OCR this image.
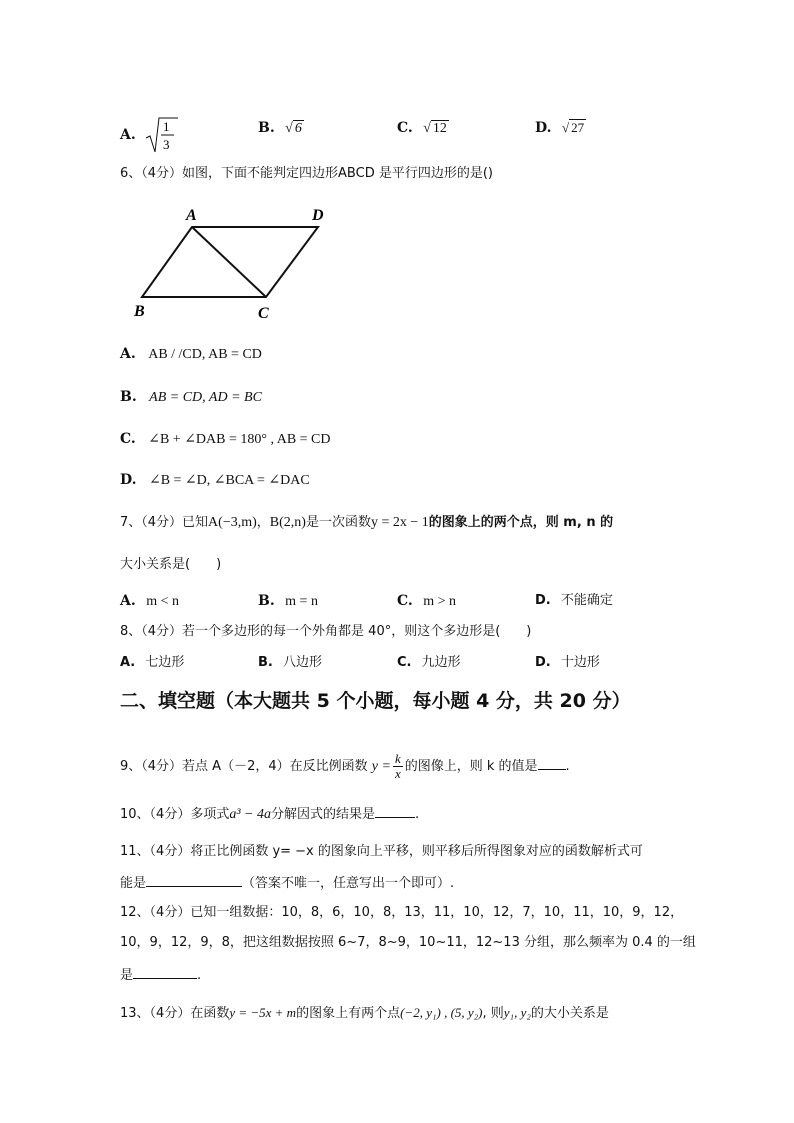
A.
1
3
B. √ 6	C. √ 12	D. √ 27
6、（4分）如图，下面不能判定四边形ABCD 是平行四边形的是()
A	D
B	C
A. AB / /CD, AB = CD
B. AB = CD, AD = BC
C. ∠B + ∠DAB = 180° , AB = CD
D. ∠B = ∠D, ∠BCA = ∠DAC
7、（4分）已知A(−3,m)，B(2,n)是一次函数y = 2x − 1的图象上的两个点，则 m, n 的
大小关系是(　　)
A. m < n	B. m = n	C. m > n	D. 不能确定
8、（4分）若一个多边形的每一个外角都是 40°，则这个多边形是(　　)
A. 七边形	B. 八边形	C. 九边形	D. 十边形
二、填空题（本大题共 5 个小题，每小题 4 分，共 20 分）
9、（4分）若点 A（－2，4）在反比例函数 $y = \frac{k}{x}$ 的图像上，则 k 的值是 .
10、（4分）多项式a³ − 4a分解因式的结果是	.
11、（4分）将正比例函数 y= −x 的图象向上平移，则平移后所得图象对应的函数解析式可
能是	（答案不唯一，任意写出一个即可）.
12、（4分）已知一组数据：10，8，6，10，8，13，11，10，12，7，10，11，10，9，12，
10，9，12，9，8，把这组数据按照 6~7，8~9，10~11，12~13 分组，那么频率为 0.4 的一组
是	.
13、（4分）在函数y = −5x + m的图象上有两个点(−2, y₁) , (5, y₂), 则y₁, y₂的大小关系是
